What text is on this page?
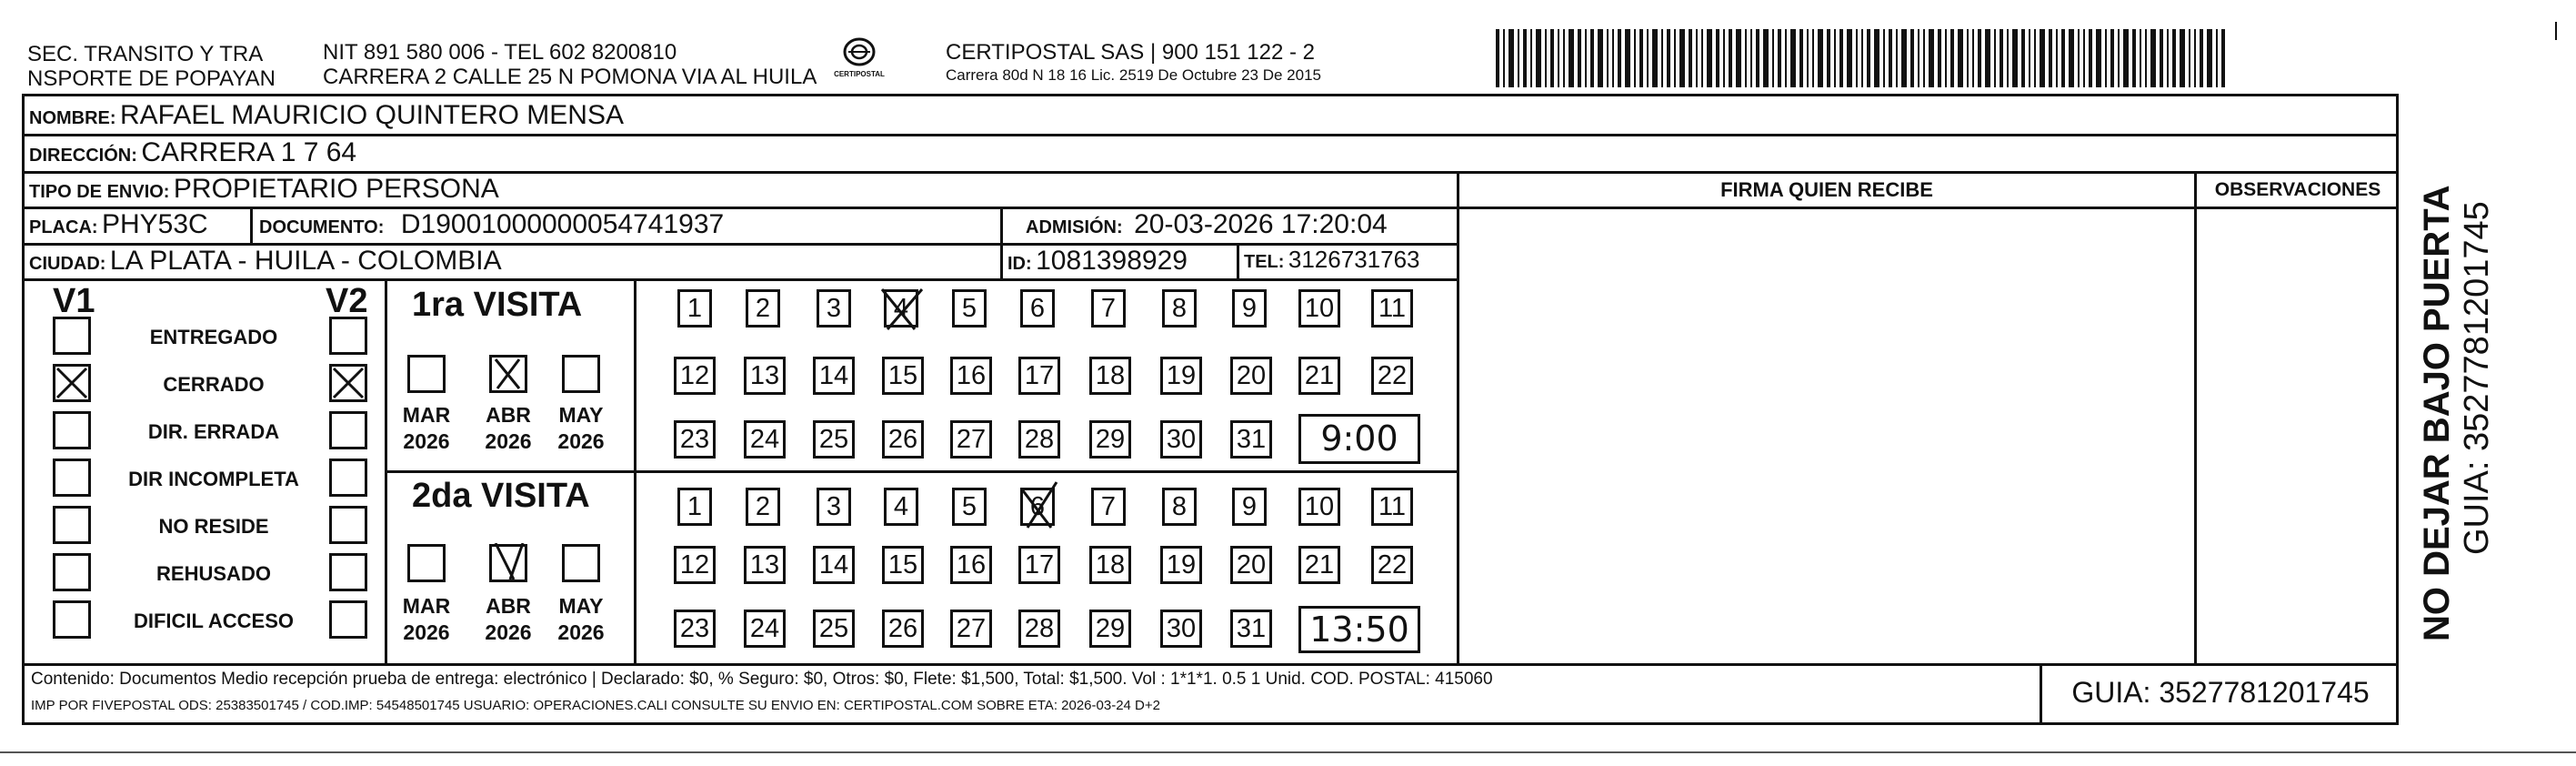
SEC. TRANSITO Y TRA
NSPORTE DE POPAYAN
NIT 891 580 006 - TEL 602 8200810
CARRERA 2 CALLE 25 N POMONA VIA AL HUILA	CERTIPOSTAL
CERTIPOSTAL SAS | 900 151 122 - 2
Carrera 80d N 18 16 Lic. 2519 De Octubre 23 De 2015
NOMBRE: RAFAEL MAURICIO QUINTERO MENSA
DIRECCIÓN: CARRERA 1 7 64
TIPO DE ENVIO: PROPIETARIO PERSONA	FIRMA QUIEN RECIBE	OBSERVACIONES
PLACA: PHY53C	DOCUMENTO: D19001000000054741937	ADMISIÓN: 20-03-2026 17:20:04
CIUDAD: LA PLATA - HUILA - COLOMBIA	ID: 1081398929	TEL: 3126731763
V1	V2
ENTREGADO
CERRADO
DIR. ERRADA
DIR INCOMPLETA
NO RESIDE
REHUSADO
DIFICIL ACCESO
1ra VISITA
MAR
2026
ABR
2026
MAY
2026
2da VISITA
MAR
2026
ABR
2026
MAY
2026
1	2	3	4	5	6	7	8	9	10 11
12 13 14 15 16 17 18 19 20 21 22
23 24 25 26 27 28 29 30 31	9:00
1	2	3	4	5	6	7	8	9	10 11
12 13 14 15 16 17 18 19 20 21 22
23 24 25 26 27 28 29 30 31 13:50
Contenido: Documentos Medio recepción prueba de entrega: electrónico | Declarado: $0, % Seguro: $0, Otros: $0, Flete: $1,500, Total: $1,500. Vol : 1*1*1. 0.5 1 Unid. COD. POSTAL: 415060
IMP POR FIVEPOSTAL ODS: 25383501745 / COD.IMP: 54548501745 USUARIO: OPERACIONES.CALI CONSULTE SU ENVIO EN: CERTIPOSTAL.COM SOBRE ETA: 2026-03-24 D+2	GUIA: 3527781201745
NO DEJAR BAJO PUERTA GUIA: 3527781201745
